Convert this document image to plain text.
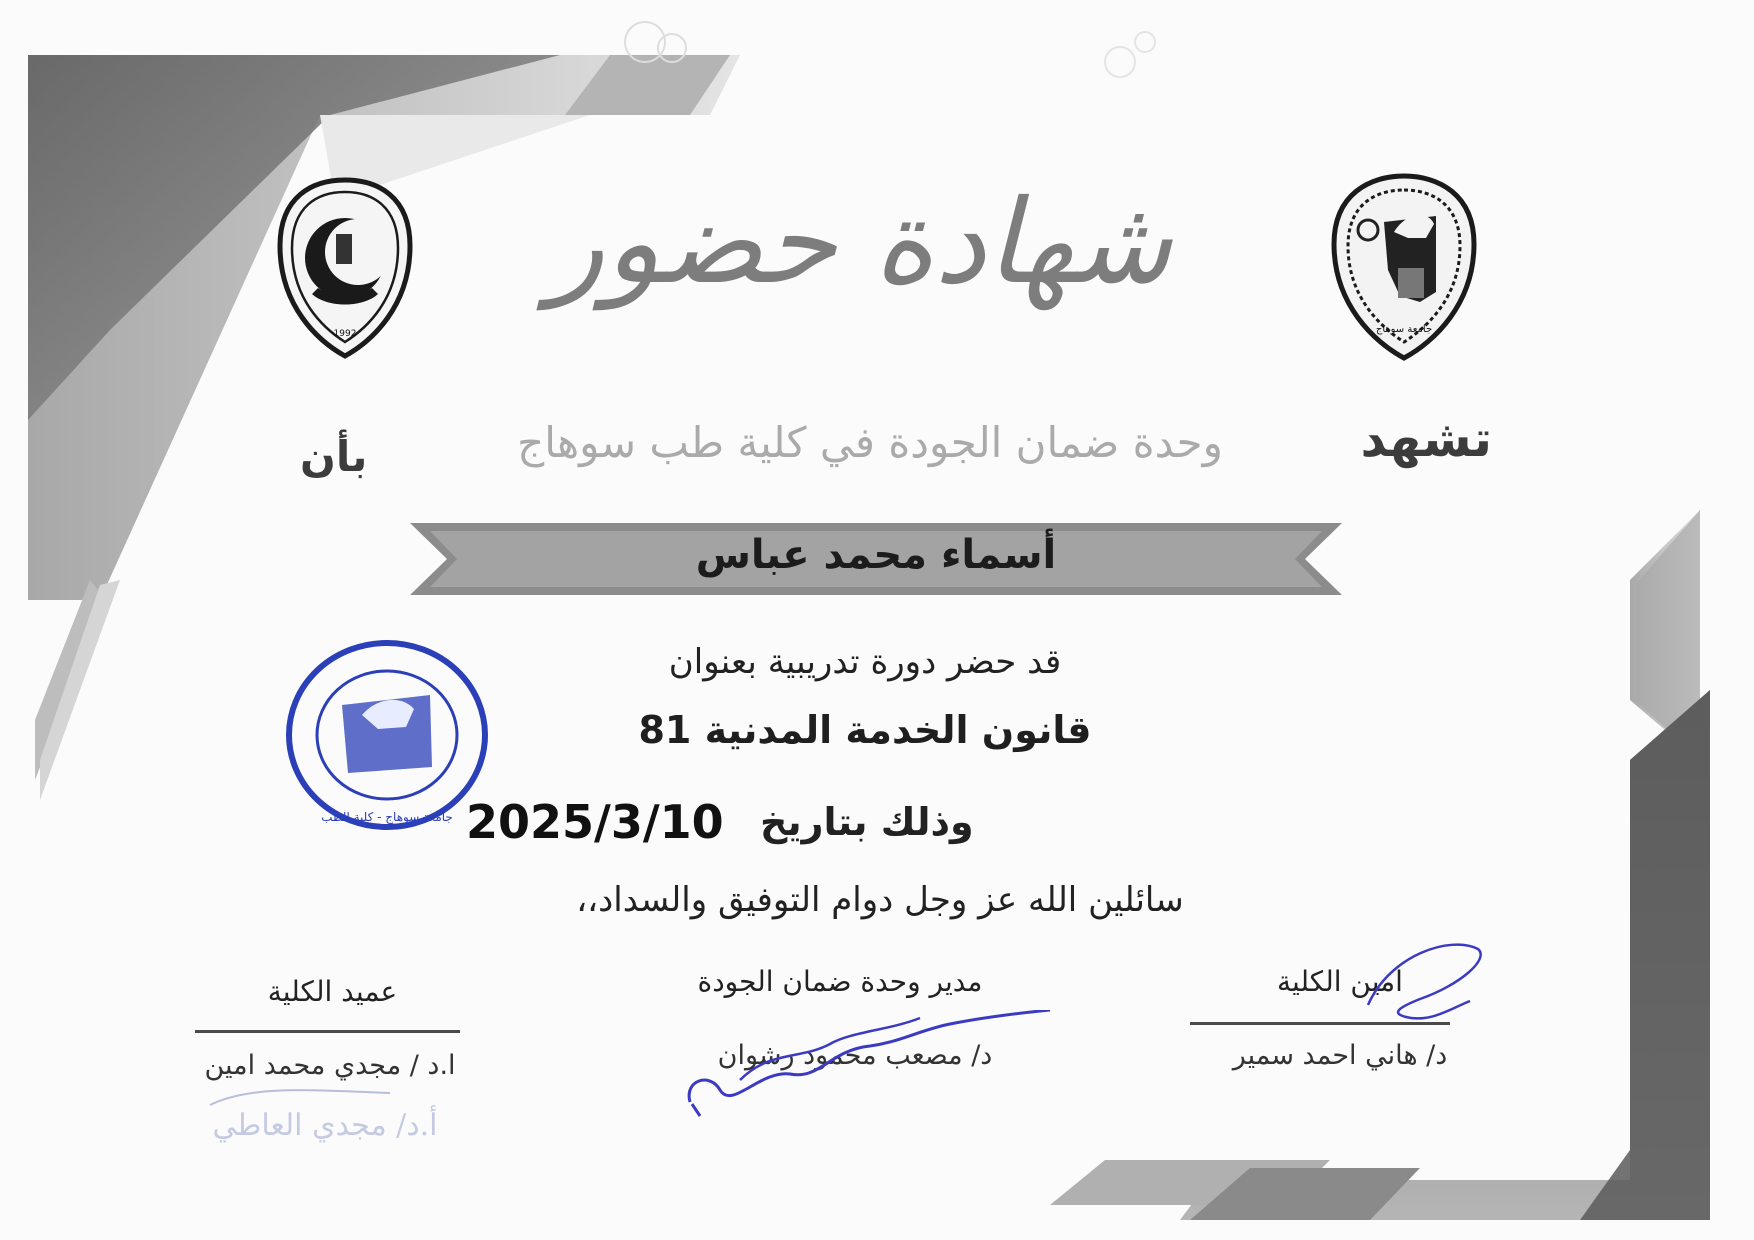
1992	جامعة سوهاج
شهادة حضور
تشهد
وحدة ضمان الجودة في كلية طب سوهاج
بأن
أسماء محمد عباس
جامعة سوهاج - كلية الطب
قد حضر دورة تدريبية بعنوان
قانون الخدمة المدنية 81
وذلك بتاريخ
2025/3/10
سائلين الله عز وجل دوام التوفيق والسداد،،
عميد الكلية
ا.د / مجدي محمد امين
مدير وحدة ضمان الجودة
د/ مصعب محمود رشوان
امين الكلية
د/ هاني احمد سمير
أ.د/ مجدي العاطي
